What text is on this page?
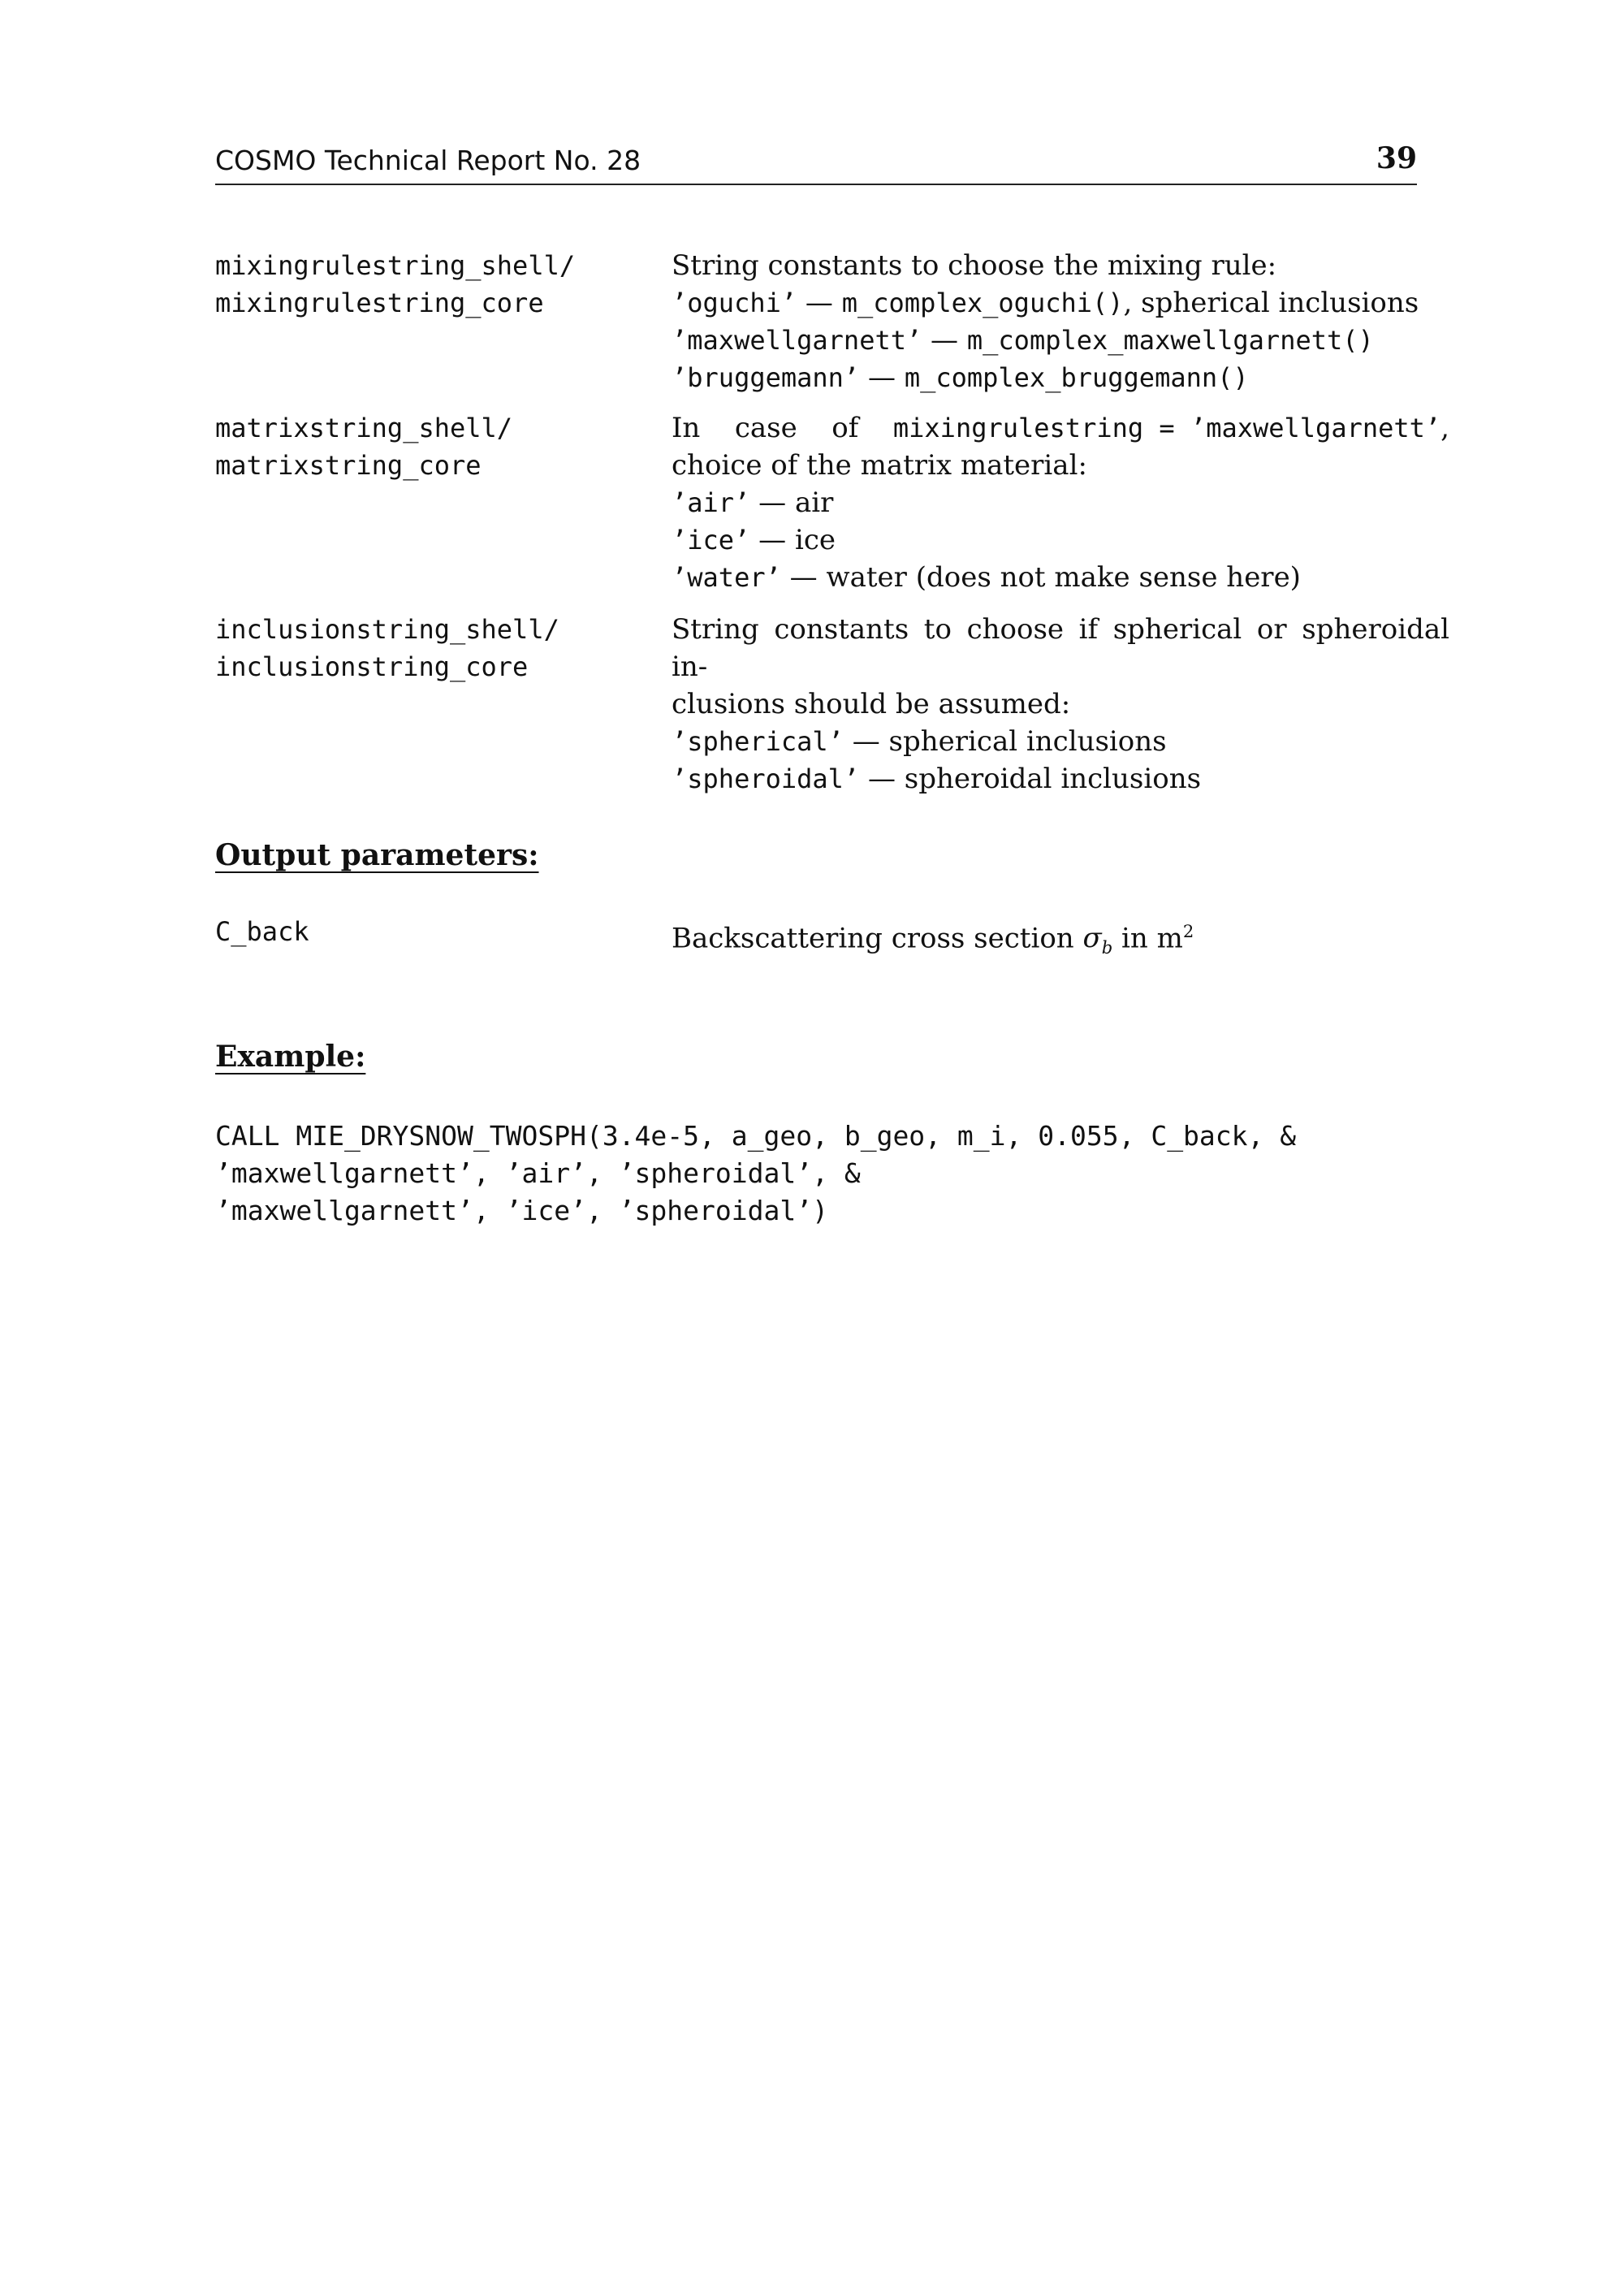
COSMO Technical Report No. 28	39
mixingrulestring_shell/
mixingrulestring_core
String constants to choose the mixing rule:
’oguchi’ — m_complex_oguchi(), spherical inclusions
’maxwellgarnett’ — m_complex_maxwellgarnett()
’bruggemann’ — m_complex_bruggemann()
matrixstring_shell/
matrixstring_core
In case of mixingrulestring = ’maxwellgarnett’,
choice of the matrix material:
’air’ — air
’ice’ — ice
’water’ — water (does not make sense here)
inclusionstring_shell/
inclusionstring_core
String constants to choose if spherical or spheroidal in-
clusions should be assumed:
’spherical’ — spherical inclusions
’spheroidal’ — spheroidal inclusions
Output parameters:
C_back	Backscattering cross section $\sigma_b$ in $m^2$
Example:
CALL MIE_DRYSNOW_TWOSPH(3.4e-5, a_geo, b_geo, m_i, 0.055, C_back, &
’maxwellgarnett’, ’air’, ’spheroidal’, &
’maxwellgarnett’, ’ice’, ’spheroidal’)
